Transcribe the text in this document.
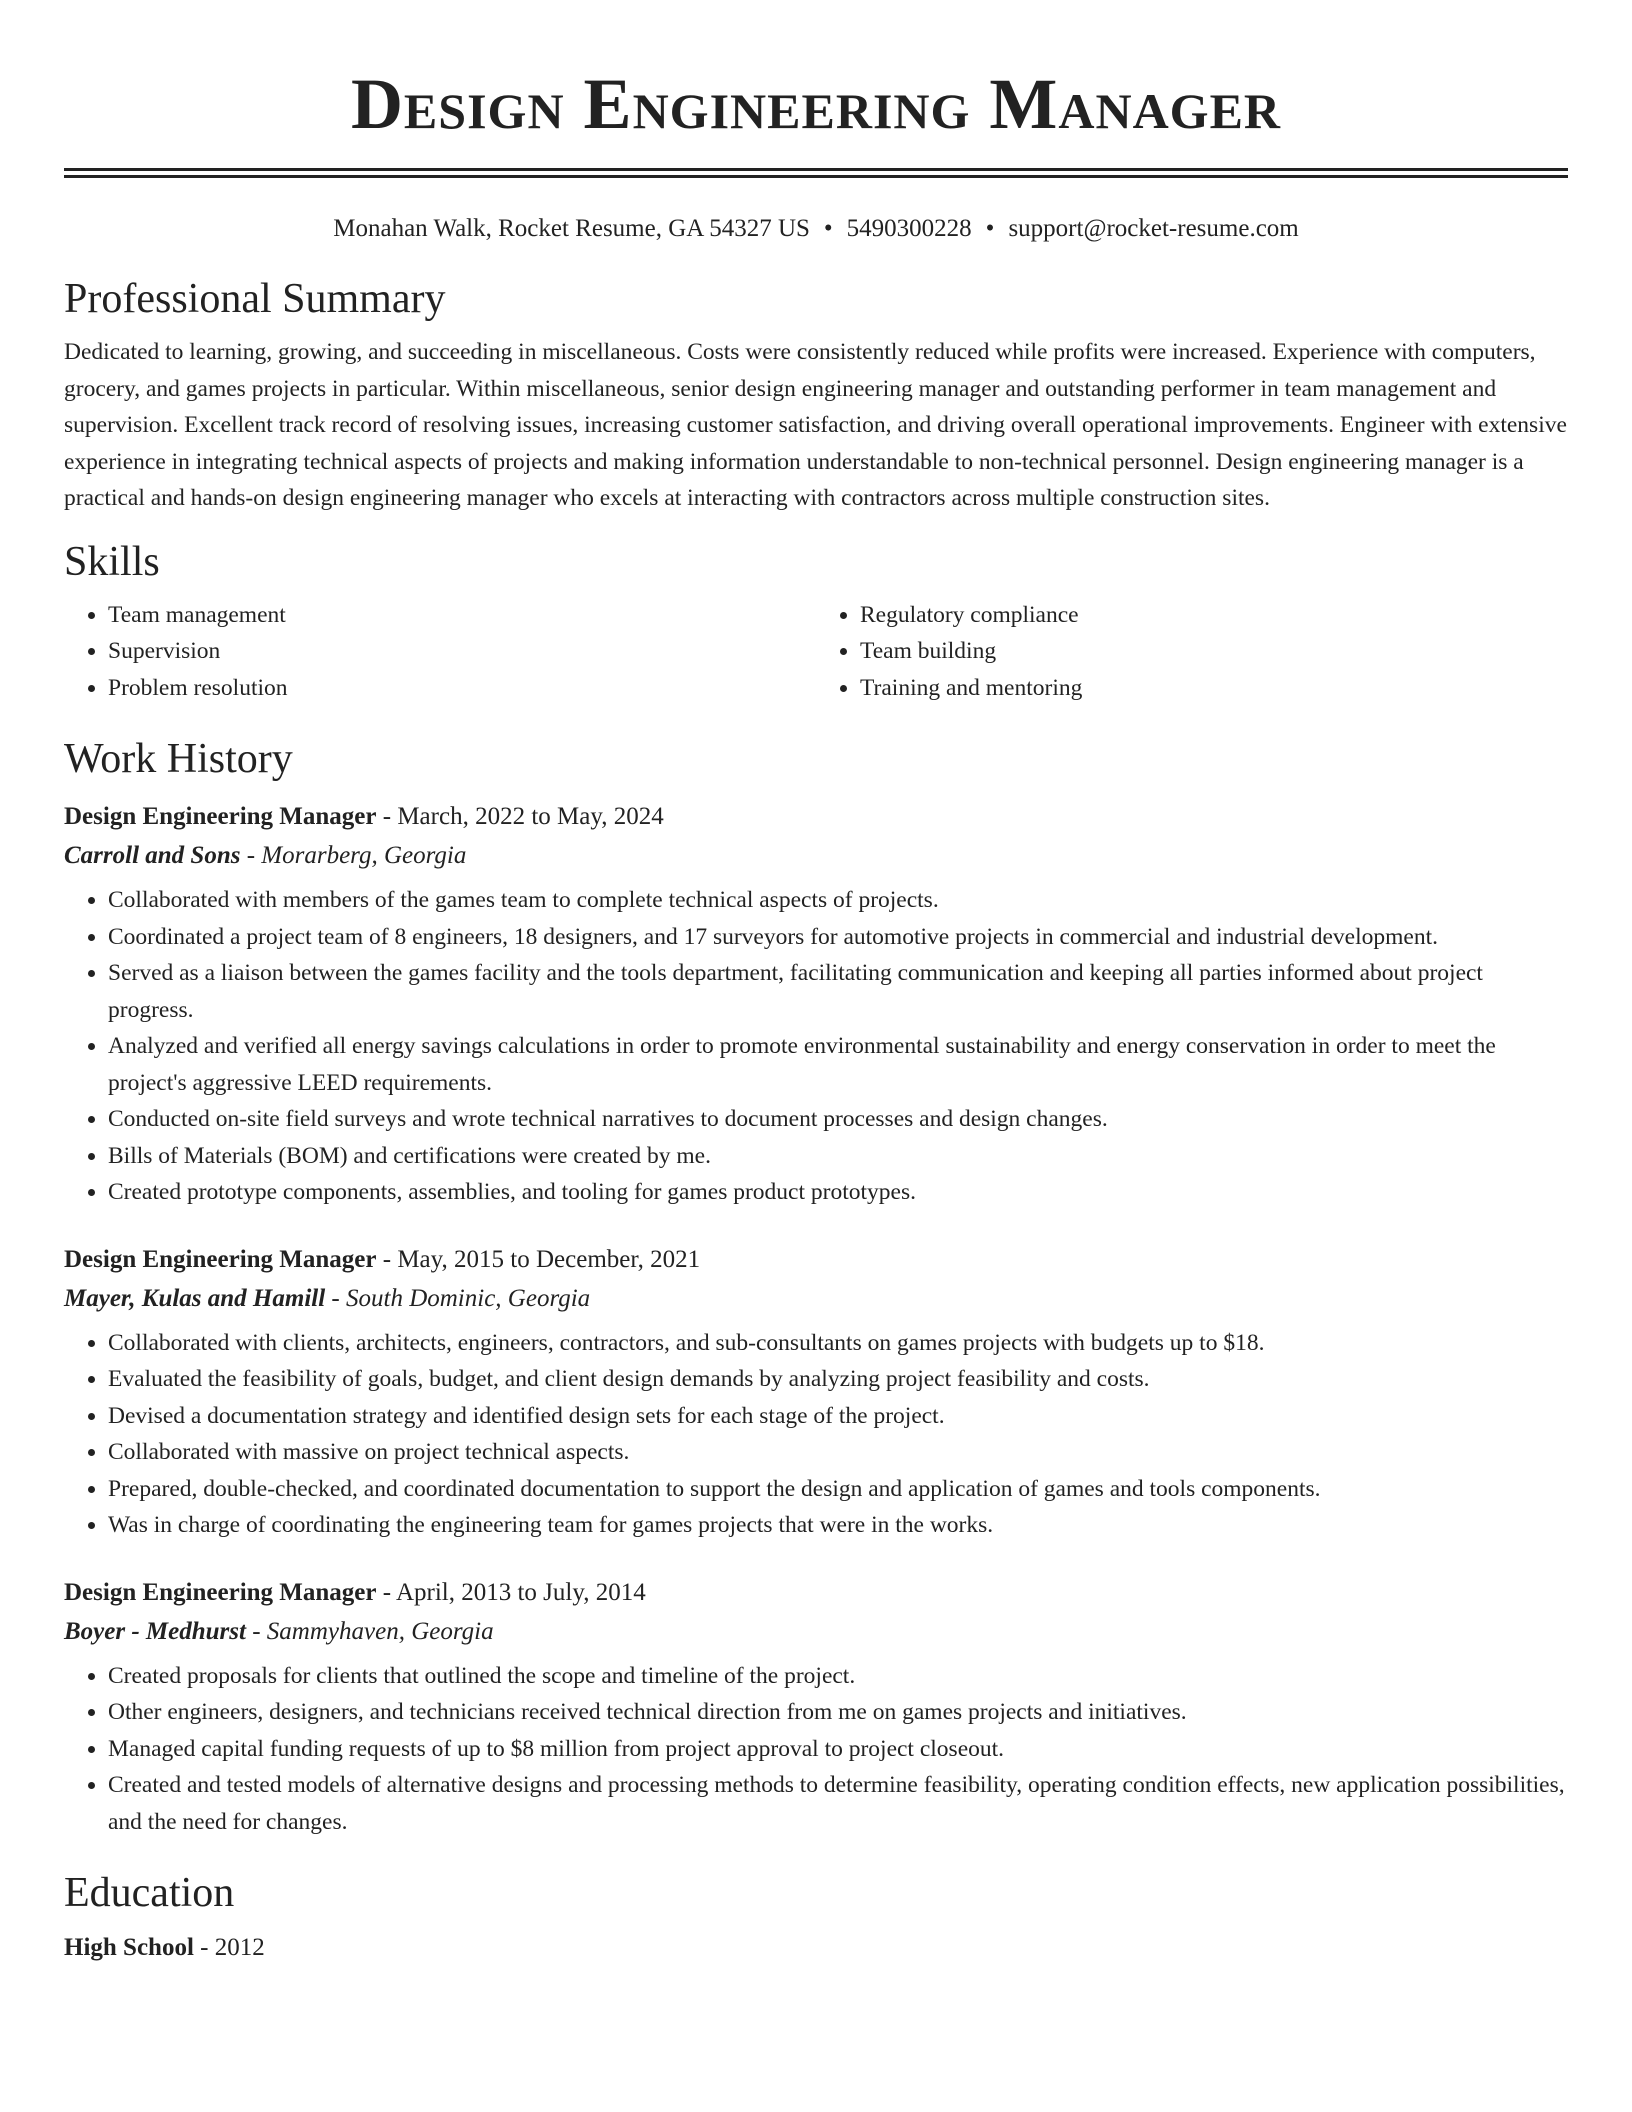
Design Engineering Manager
Monahan Walk, Rocket Resume, GA 54327 US • 5490300228 • support@rocket-resume.com
Professional Summary

Dedicated to learning, growing, and succeeding in miscellaneous. Costs were consistently reduced while profits were increased. Experience with computers, grocery, and games projects in particular. Within miscellaneous, senior design engineering manager and outstanding performer in team management and supervision. Excellent track record of resolving issues, increasing customer satisfaction, and driving overall operational improvements. Engineer with extensive experience in integrating technical aspects of projects and making information understandable to non-technical personnel. Design engineering manager is a practical and hands-on design engineering manager who excels at interacting with contractors across multiple construction sites.

Skills
• Team management
• Supervision
• Problem resolution
• Regulatory compliance
• Team building
• Training and mentoring
Work History
Design Engineering Manager - March, 2022 to May, 2024
Carroll and Sons - Morarberg, Georgia
• Collaborated with members of the games team to complete technical aspects of projects.
• Coordinated a project team of 8 engineers, 18 designers, and 17 surveyors for automotive projects in commercial and industrial development.
• Served as a liaison between the games facility and the tools department, facilitating communication and keeping all parties informed about project progress.
• Analyzed and verified all energy savings calculations in order to promote environmental sustainability and energy conservation in order to meet the project's aggressive LEED requirements.
• Conducted on-site field surveys and wrote technical narratives to document processes and design changes.
• Bills of Materials (BOM) and certifications were created by me.
• Created prototype components, assemblies, and tooling for games product prototypes.
Design Engineering Manager - May, 2015 to December, 2021
Mayer, Kulas and Hamill - South Dominic, Georgia
• Collaborated with clients, architects, engineers, contractors, and sub-consultants on games projects with budgets up to $18.
• Evaluated the feasibility of goals, budget, and client design demands by analyzing project feasibility and costs.
• Devised a documentation strategy and identified design sets for each stage of the project.
• Collaborated with massive on project technical aspects.
• Prepared, double-checked, and coordinated documentation to support the design and application of games and tools components.
• Was in charge of coordinating the engineering team for games projects that were in the works.
Design Engineering Manager - April, 2013 to July, 2014
Boyer - Medhurst - Sammyhaven, Georgia
• Created proposals for clients that outlined the scope and timeline of the project.
• Other engineers, designers, and technicians received technical direction from me on games projects and initiatives.
• Managed capital funding requests of up to $8 million from project approval to project closeout.
• Created and tested models of alternative designs and processing methods to determine feasibility, operating condition effects, new application possibilities, and the need for changes.
Education
High School - 2012
